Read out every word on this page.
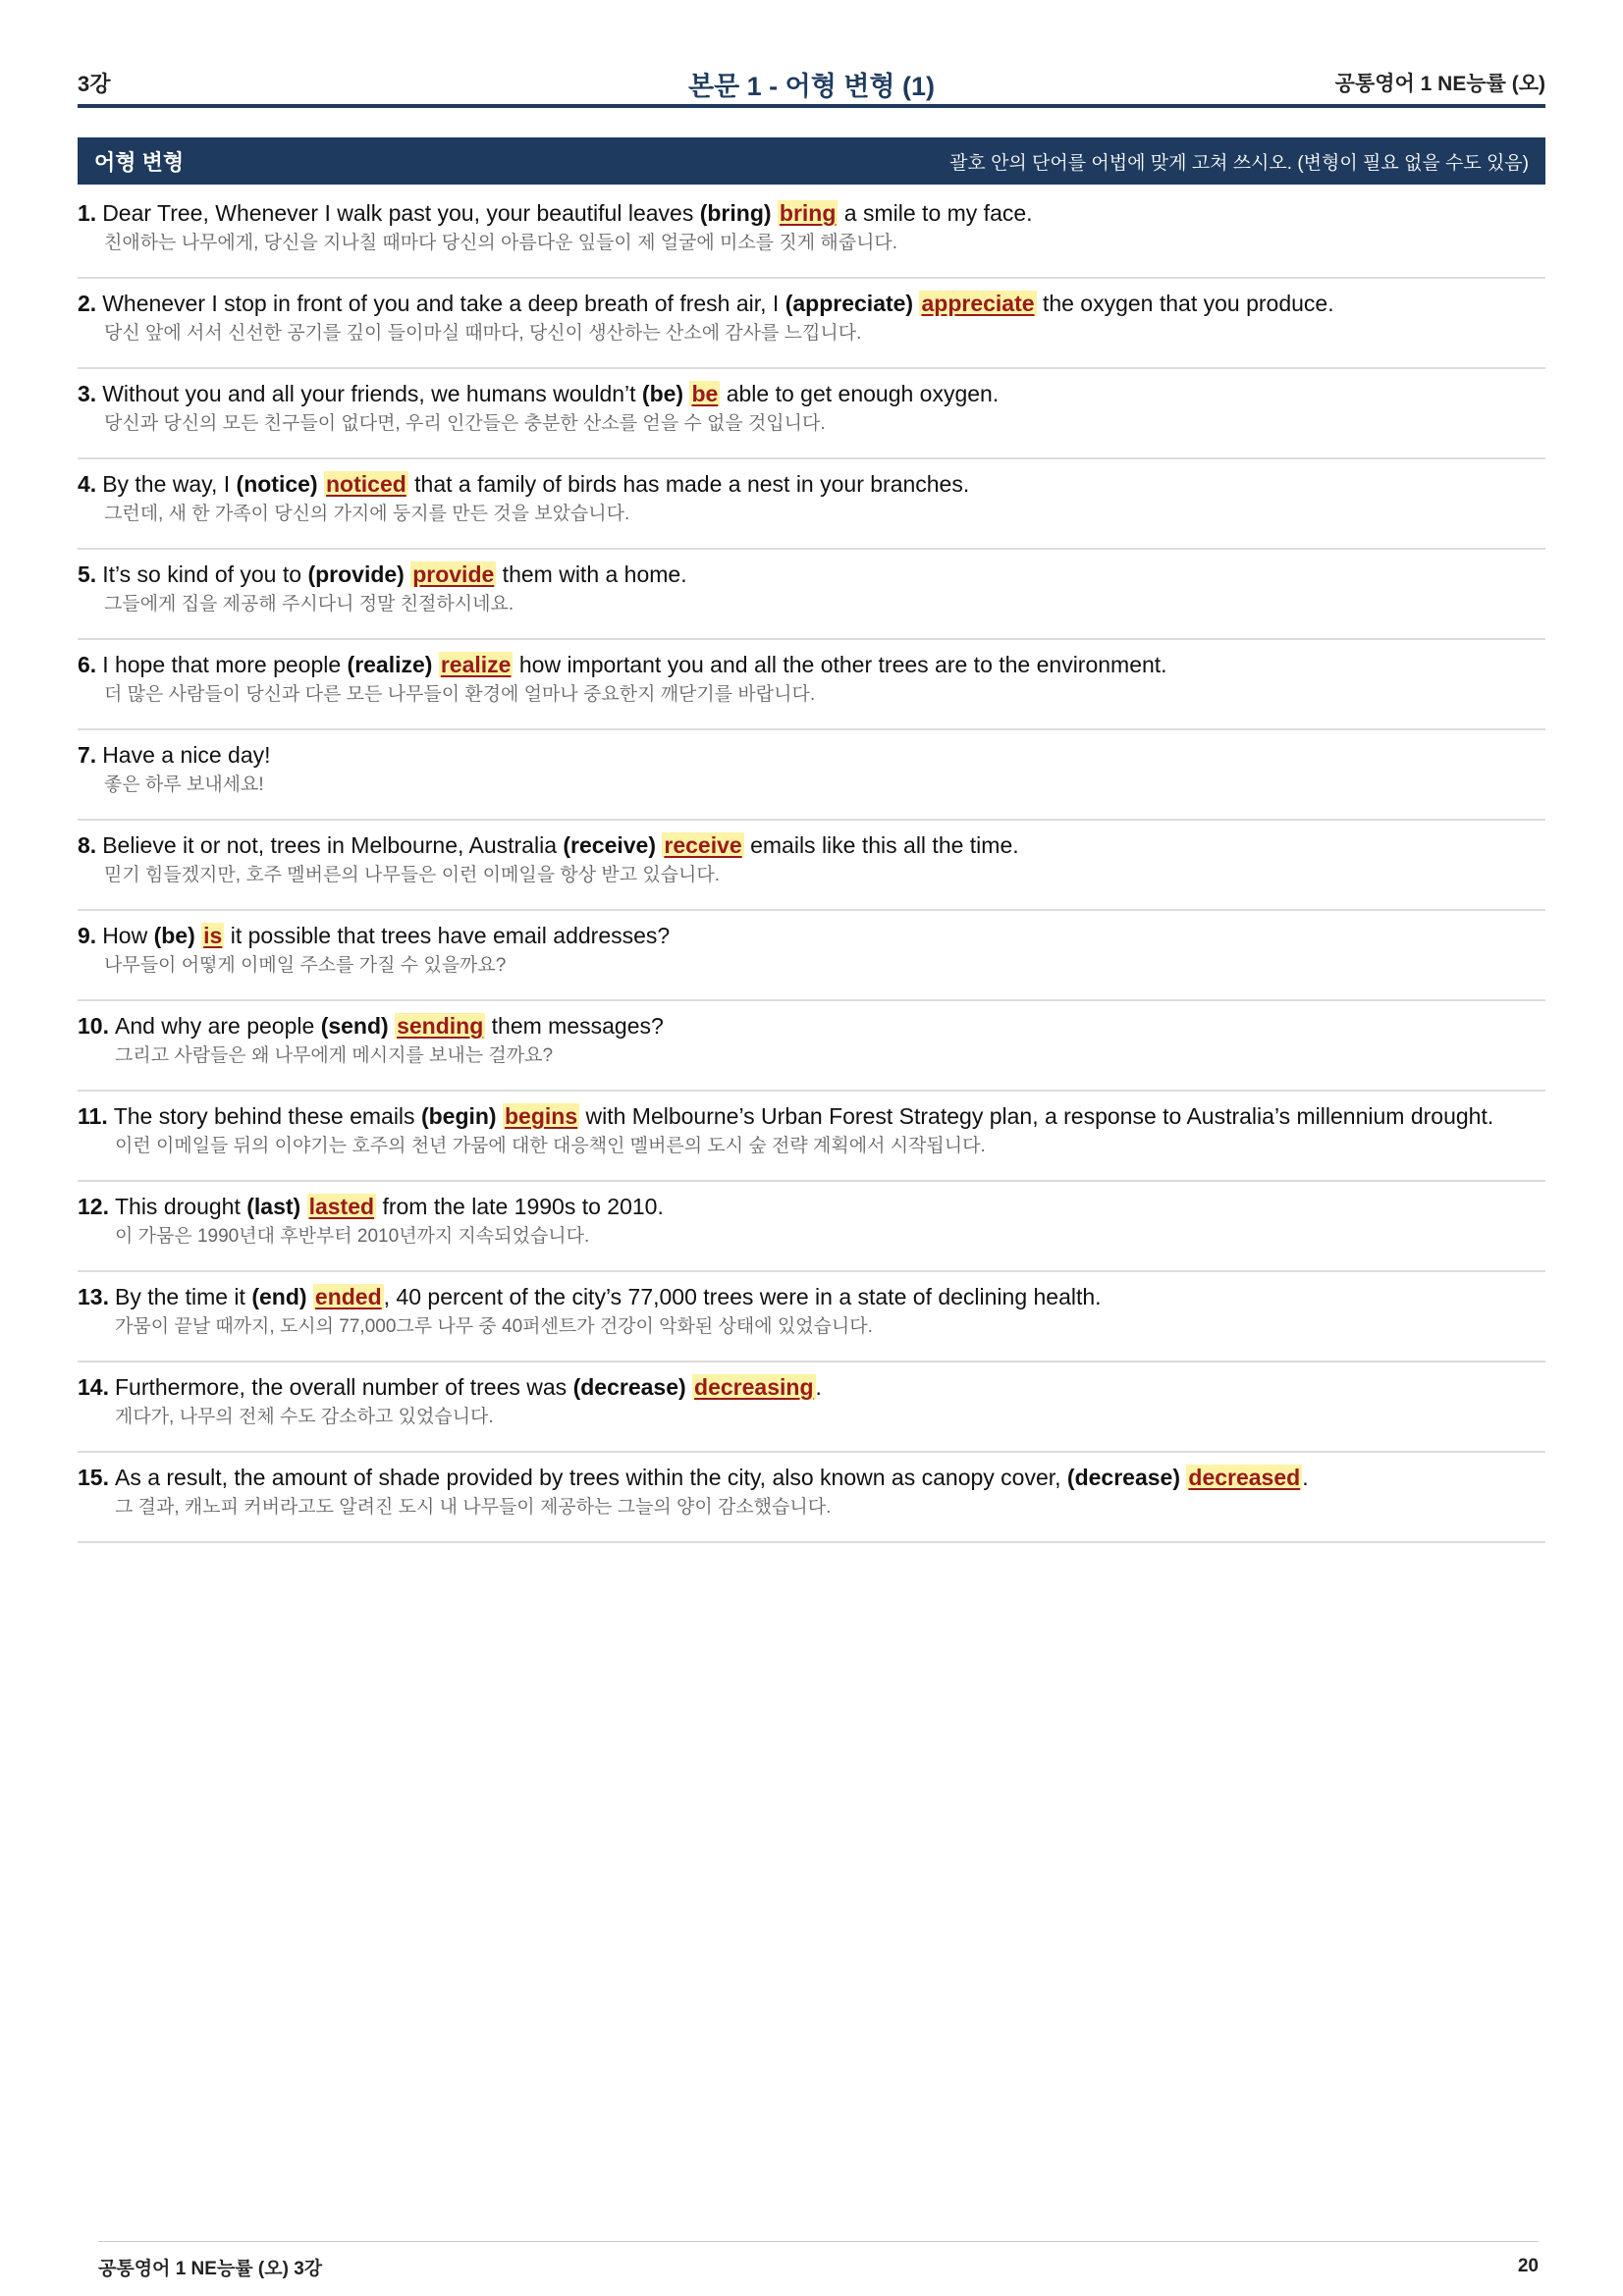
3강	본문 1 - 어형 변형 (1)	공통영어 1 NE능률 (오)
어형 변형	괄호 안의 단어를 어법에 맞게 고쳐 쓰시오. (변형이 필요 없을 수도 있음)
1. Dear Tree, Whenever I walk past you, your beautiful leaves (bring) bring a smile to my face.
친애하는 나무에게, 당신을 지나칠 때마다 당신의 아름다운 잎들이 제 얼굴에 미소를 짓게 해줍니다.
2. Whenever I stop in front of you and take a deep breath of fresh air, I (appreciate) appreciate the oxygen that you produce.
당신 앞에 서서 신선한 공기를 깊이 들이마실 때마다, 당신이 생산하는 산소에 감사를 느낍니다.
3. Without you and all your friends, we humans wouldn’t (be) be able to get enough oxygen.
당신과 당신의 모든 친구들이 없다면, 우리 인간들은 충분한 산소를 얻을 수 없을 것입니다.
4. By the way, I (notice) noticed that a family of birds has made a nest in your branches.
그런데, 새 한 가족이 당신의 가지에 둥지를 만든 것을 보았습니다.
5. It’s so kind of you to (provide) provide them with a home.
그들에게 집을 제공해 주시다니 정말 친절하시네요.
6. I hope that more people (realize) realize how important you and all the other trees are to the environment.
더 많은 사람들이 당신과 다른 모든 나무들이 환경에 얼마나 중요한지 깨닫기를 바랍니다.
7. Have a nice day!
좋은 하루 보내세요!
8. Believe it or not, trees in Melbourne, Australia (receive) receive emails like this all the time.
믿기 힘들겠지만, 호주 멜버른의 나무들은 이런 이메일을 항상 받고 있습니다.
9. How (be) is it possible that trees have email addresses?
나무들이 어떻게 이메일 주소를 가질 수 있을까요?
10. And why are people (send) sending them messages?
그리고 사람들은 왜 나무에게 메시지를 보내는 걸까요?
11. The story behind these emails (begin) begins with Melbourne’s Urban Forest Strategy plan, a response to Australia’s millennium drought.
이런 이메일들 뒤의 이야기는 호주의 천년 가뭄에 대한 대응책인 멜버른의 도시 숲 전략 계획에서 시작됩니다.
12. This drought (last) lasted from the late 1990s to 2010.
이 가뭄은 1990년대 후반부터 2010년까지 지속되었습니다.
13. By the time it (end) ended, 40 percent of the city’s 77,000 trees were in a state of declining health.
가뭄이 끝날 때까지, 도시의 77,000그루 나무 중 40퍼센트가 건강이 악화된 상태에 있었습니다.
14. Furthermore, the overall number of trees was (decrease) decreasing.
게다가, 나무의 전체 수도 감소하고 있었습니다.
15. As a result, the amount of shade provided by trees within the city, also known as canopy cover, (decrease) decreased.
그 결과, 캐노피 커버라고도 알려진 도시 내 나무들이 제공하는 그늘의 양이 감소했습니다.
공통영어 1 NE능률 (오) 3강	20
